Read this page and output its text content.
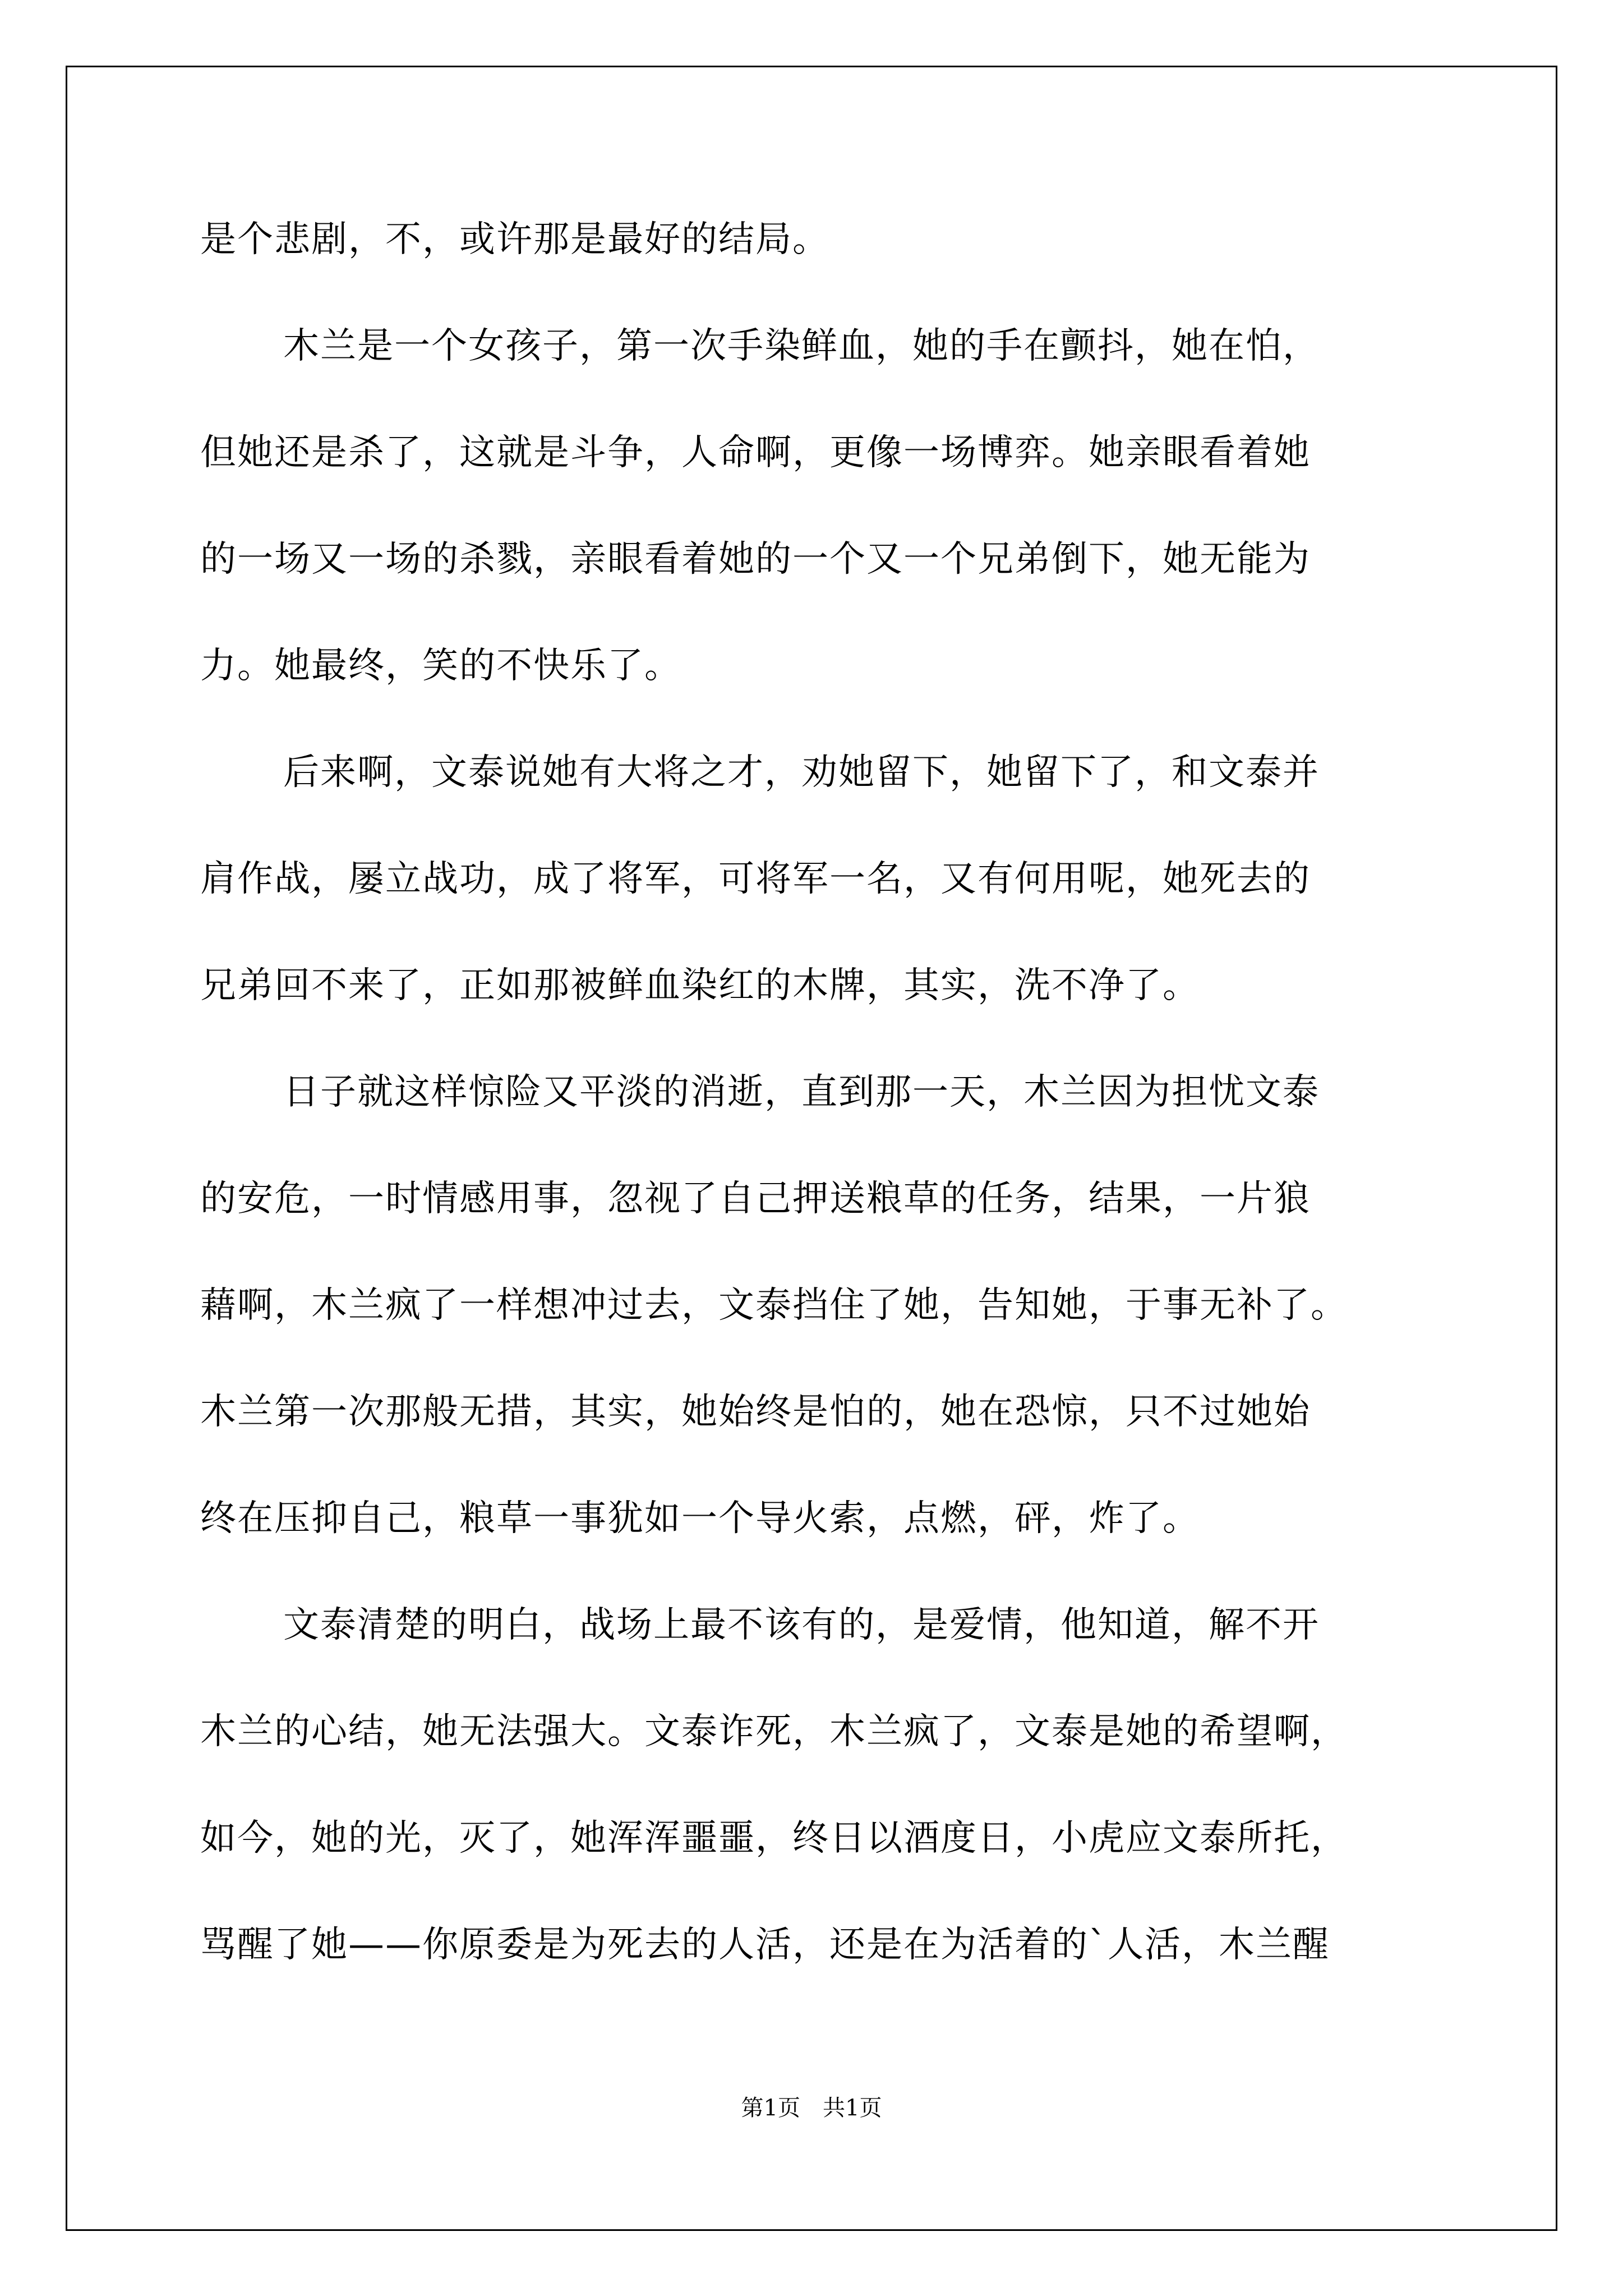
是个悲剧，不，或许那是最好的结局。
木兰是一个女孩子，第一次手染鲜血，她的手在颤抖，她在怕，
但她还是杀了，这就是斗争，人命啊，更像一场博弈。她亲眼看着她
的一场又一场的杀戮，亲眼看着她的一个又一个兄弟倒下，她无能为
力。她最终，笑的不快乐了。
后来啊，文泰说她有大将之才，劝她留下，她留下了，和文泰并
肩作战，屡立战功，成了将军，可将军一名，又有何用呢，她死去的
兄弟回不来了，正如那被鲜血染红的木牌，其实，洗不净了。
日子就这样惊险又平淡的消逝，直到那一天，木兰因为担忧文泰
的安危，一时情感用事，忽视了自己押送粮草的任务，结果，一片狼
藉啊，木兰疯了一样想冲过去，文泰挡住了她，告知她，于事无补了。
木兰第一次那般无措，其实，她始终是怕的，她在恐惊，只不过她始
终在压抑自己，粮草一事犹如一个导火索，点燃，砰，炸了。
文泰清楚的明白，战场上最不该有的，是爱情，他知道，解不开
木兰的心结，她无法强大。文泰诈死，木兰疯了，文泰是她的希望啊，
如今，她的光，灭了，她浑浑噩噩，终日以酒度日，小虎应文泰所托，
骂醒了她——你原委是为死去的人活，还是在为活着的`人活，木兰醒
第1页　共1页
